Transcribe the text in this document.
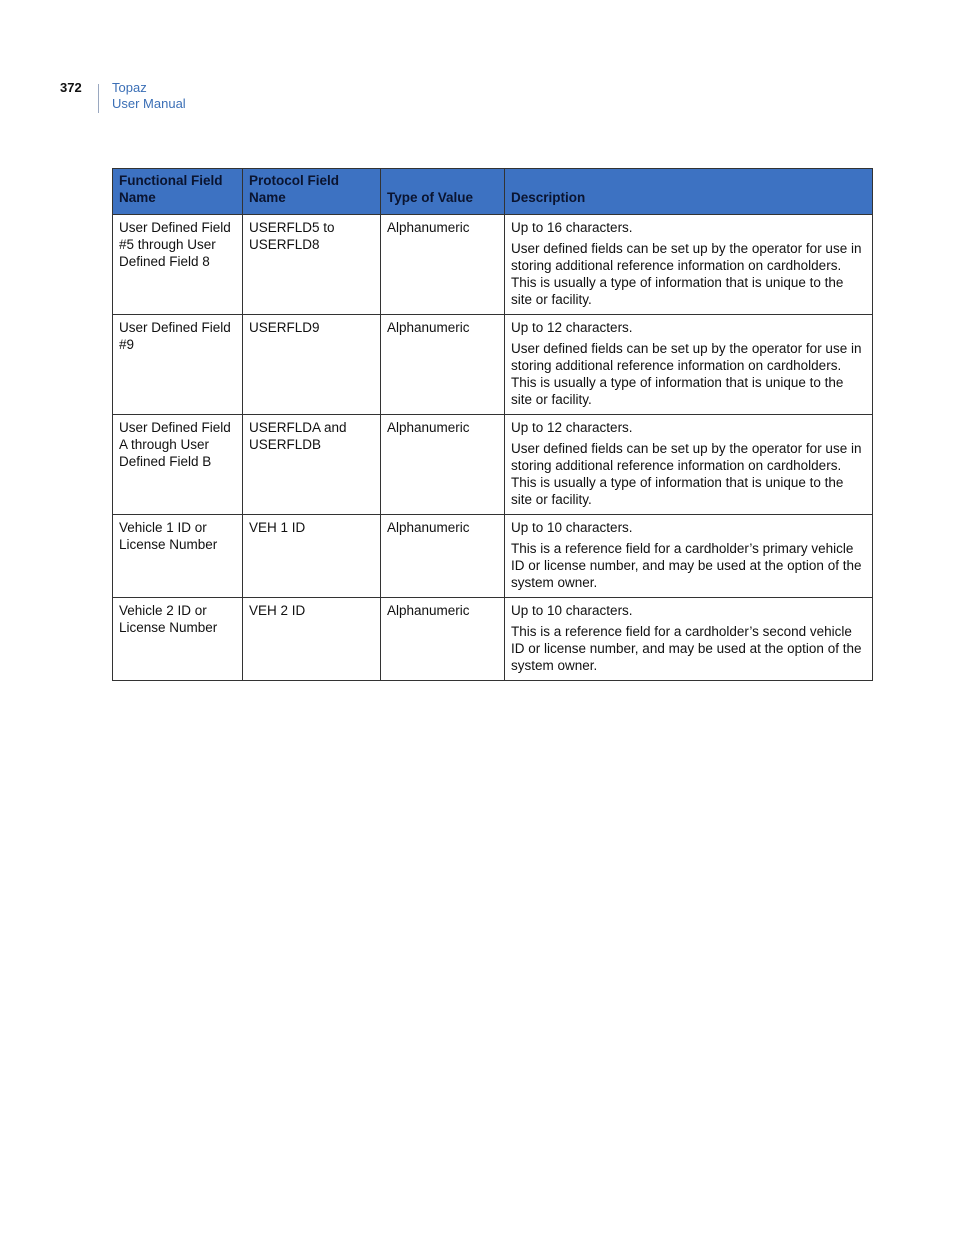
372 Topaz
User Manual
Functional Field Name	Protocol Field Name	Type of Value	Description
User Defined Field #5 through User Defined Field 8	USERFLD5 to USERFLD8	Alphanumeric	Up to 16 characters.

User defined fields can be set up by the operator for use in storing additional reference information on cardholders. This is usually a type of information that is unique to the site or facility.

User Defined Field #9	USERFLD9	Alphanumeric	Up to 12 characters.

User defined fields can be set up by the operator for use in storing additional reference information on cardholders. This is usually a type of information that is unique to the site or facility.

User Defined Field A through User Defined Field B	USERFLDA and USERFLDB	Alphanumeric	Up to 12 characters.

User defined fields can be set up by the operator for use in storing additional reference information on cardholders. This is usually a type of information that is unique to the site or facility.

Vehicle 1 ID or License Number	VEH 1 ID	Alphanumeric	Up to 10 characters.

This is a reference field for a cardholder’s primary vehicle ID or license number, and may be used at the option of the system owner.

Vehicle 2 ID or License Number	VEH 2 ID	Alphanumeric	Up to 10 characters.

This is a reference field for a cardholder’s second vehicle ID or license number, and may be used at the option of the system owner.
